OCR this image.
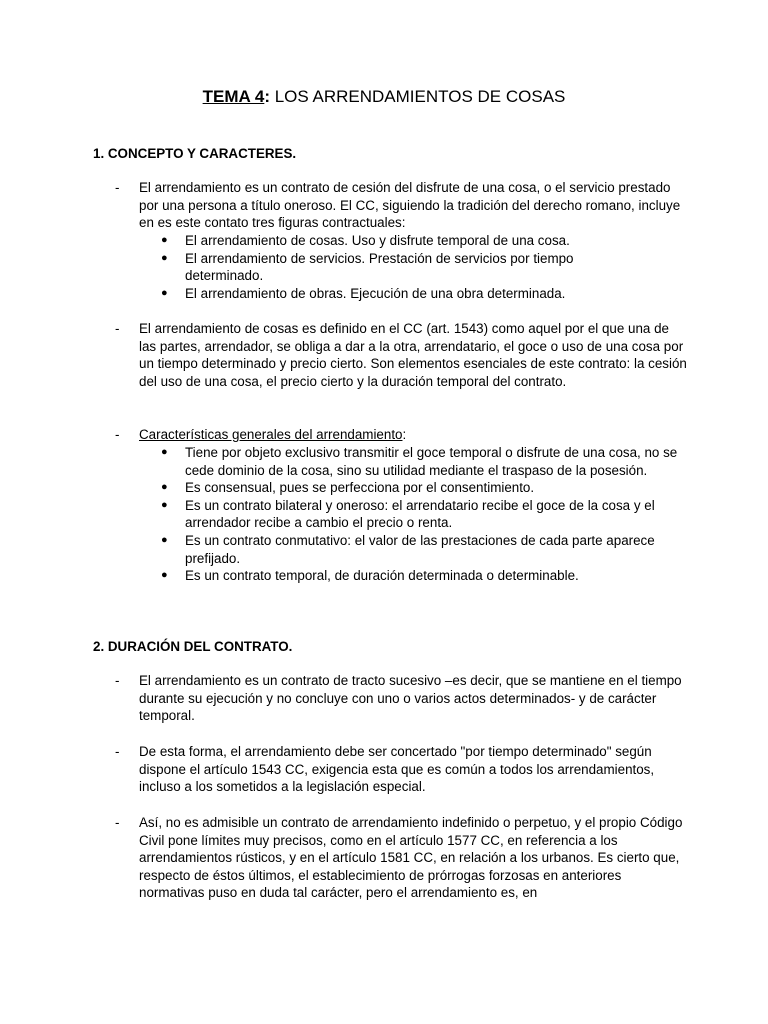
TEMA 4: LOS ARRENDAMIENTOS DE COSAS
1. CONCEPTO Y CARACTERES.
- El arrendamiento es un contrato de cesión del disfrute de una cosa, o el servicio prestado por una persona a título oneroso. El CC, siguiendo la tradición del derecho romano, incluye en es este contato tres figuras contractuales:
● El arrendamiento de cosas. Uso y disfrute temporal de una cosa.
● El arrendamiento de servicios. Prestación de servicios por tiempo determinado.
● El arrendamiento de obras. Ejecución de una obra determinada.
- El arrendamiento de cosas es definido en el CC (art. 1543) como aquel por el que una de las partes, arrendador, se obliga a dar a la otra, arrendatario, el goce o uso de una cosa por un tiempo determinado y precio cierto. Son elementos esenciales de este contrato: la cesión del uso de una cosa, el precio cierto y la duración temporal del contrato.
- Características generales del arrendamiento:
● Tiene por objeto exclusivo transmitir el goce temporal o disfrute de una cosa, no se cede dominio de la cosa, sino su utilidad mediante el traspaso de la posesión.
● Es consensual, pues se perfecciona por el consentimiento.
● Es un contrato bilateral y oneroso: el arrendatario recibe el goce de la cosa y el arrendador recibe a cambio el precio o renta.
● Es un contrato conmutativo: el valor de las prestaciones de cada parte aparece prefijado.
● Es un contrato temporal, de duración determinada o determinable.
2. DURACIÓN DEL CONTRATO.
- El arrendamiento es un contrato de tracto sucesivo –es decir, que se mantiene en el tiempo durante su ejecución y no concluye con uno o varios actos determinados- y de carácter temporal.
- De esta forma, el arrendamiento debe ser concertado "por tiempo determinado" según dispone el artículo 1543 CC, exigencia esta que es común a todos los arrendamientos, incluso a los sometidos a la legislación especial.
- Así, no es admisible un contrato de arrendamiento indefinido o perpetuo, y el propio Código Civil pone límites muy precisos, como en el artículo 1577 CC, en referencia a los arrendamientos rústicos, y en el artículo 1581 CC, en relación a los urbanos. Es cierto que, respecto de éstos últimos, el establecimiento de prórrogas forzosas en anteriores normativas puso en duda tal carácter, pero el arrendamiento es, en
